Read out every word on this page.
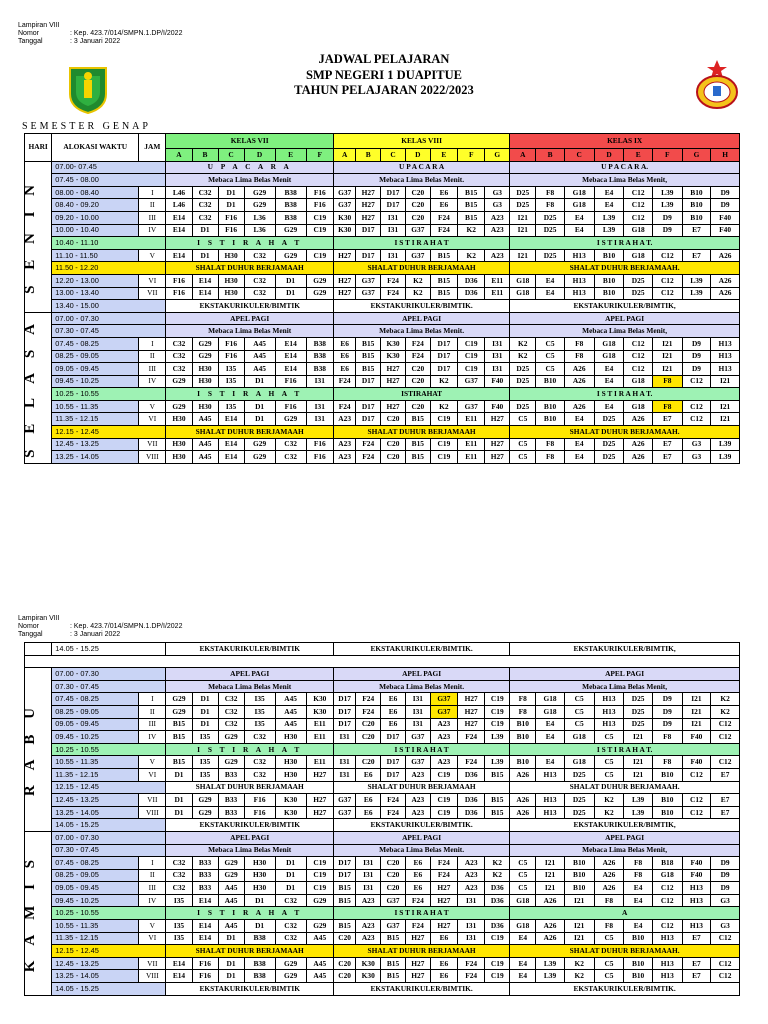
Lampiran VIII
Nomor	: Kep. 423.7/014/SMPN.1.DP/I/2022
Tanggal	: 3 Januari 2022
JADWAL PELAJARAN
SMP NEGERI 1 DUAPITUE
TAHUN PELAJARAN 2022/2023
SEMESTER GENAP
HARI	ALOKASI WAKTU	JAM	KELAS VII						KELAS VIII							KELAS IX							
			A	B	C	D	E	F	A	B	C	D	E	F	G	A	B	C	D	E	F	G	H

S E N I N	07.00- 07.45		U P A C A R A						U P A C A R A							U P A C A R A.							
	07.45 - 08.00		Mebaca Lima Belas Menit						Mebaca Lima Belas Menit.							Mebaca Lima Belas Menit,							
	08.00 - 08.40	I	L46	C32	D1	G29	B38	F16	G37	H27	D17	C20	E6	B15	G3	D25	F8	G18	E4	C12	L39	B10	D9
	08.40 - 09.20	II	L46	C32	D1	G29	B38	F16	G37	H27	D17	C20	E6	B15	G3	D25	F8	G18	E4	C12	L39	B10	D9
	09.20 - 10.00	III	E14	C32	F16	L36	B38	C19	K30	H27	I31	C20	F24	B15	A23	I21	D25	E4	L39	C12	D9	B10	F40
	10.00 - 10.40	IV	E14	D1	F16	L36	G29	C19	K30	D17	I31	G37	F24	K2	A23	I21	D25	E4	L39	G18	D9	E7	F40
	10.40 - 11.10		I S T I R A H A T						I S T I R A H A T							I S T I R A H A T.							
	11.10 - 11.50	V	E14	D1	H30	C32	G29	C19	H27	D17	I31	G37	B15	K2	A23	I21	D25	H13	B10	G18	C12	E7	A26
	11.50 - 12.20		SHALAT DUHUR BERJAMAAH						SHALAT DUHUR BERJAMAAH							SHALAT DUHUR BERJAMAAH.							
	12.20 - 13.00	VI	F16	E14	H30	C32	D1	G29	H27	G37	F24	K2	B15	D36	E11	G18	E4	H13	B10	D25	C12	L39	A26
	13.00 - 13.40	VII	F16	E14	H30	C32	D1	G29	H27	G37	F24	K2	B15	D36	E11	G18	E4	H13	B10	D25	C12	L39	A26
	13.40 - 15.00		EKSTAKURIKULER/BIMTIK						EKSTAKURIKULER/BIMTIK.							EKSTAKURIKULER/BIMTIK,							

S E L A S A	07.00 - 07.30		APEL PAGI						APEL PAGI							APEL PAGI							
	07.30 - 07.45		Mebaca Lima Belas Menit						Mebaca Lima Belas Menit.							Mebaca Lima Belas Menit,							
	07.45 - 08.25	I	C32	G29	F16	A45	E14	B38	E6	B15	K30	F24	D17	C19	I31	K2	C5	F8	G18	C12	I21	D9	H13
	08.25 - 09.05	II	C32	G29	F16	A45	E14	B38	E6	B15	K30	F24	D17	C19	I31	K2	C5	F8	G18	C12	I21	D9	H13
	09.05 - 09.45	III	C32	H30	I35	A45	E14	B38	E6	B15	H27	C20	D17	C19	I31	D25	C5	A26	E4	C12	I21	D9	H13
	09.45 - 10.25	IV	G29	H30	I35	D1	F16	I31	F24	D17	H27	C20	K2	G37	F40	D25	B10	A26	E4	G18	F8	C12	I21
	10.25 - 10.55		I S T I R A H A T						ISTIRAHAT							I S T I R A H A T.							
	10.55 - 11.35	V	G29	H30	I35	D1	F16	I31	F24	D17	H27	C20	K2	G37	F40	D25	B10	A26	E4	G18	F8	C12	I21
	11.35 - 12.15	VI	H30	A45	E14	D1	G29	I31	A23	D17	C20	B15	C19	E11	H27	C5	B10	E4	D25	A26	E7	C12	I21
	12.15 - 12.45		SHALAT DUHUR BERJAMAAH						SHALAT DUHUR BERJAMAAH							SHALAT DUHUR BERJAMAAH.							
	12.45 - 13.25	VII	H30	A45	E14	G29	C32	F16	A23	F24	C20	B15	C19	E11	H27	C5	F8	E4	D25	A26	E7	G3	L39
	13.25 - 14.05	VIII	H30	A45	E14	G29	C32	F16	A23	F24	C20	B15	C19	E11	H27	C5	F8	E4	D25	A26	E7	G3	L39
Lampiran VIII
Nomor	: Kep. 423.7/014/SMPN.1.DP/I/2022
Tanggal	: 3 Januari 2022
	14.05 - 15.25		EKSTAKURIKULER/BIMTIK						EKSTAKURIKULER/BIMTIK.							EKSTAKURIKULER/BIMTIK,							

R A B U	07.00 - 07.30		APEL PAGI						APEL PAGI							APEL PAGI							
	07.30 - 07.45		Mebaca Lima Belas Menit						Mebaca Lima Belas Menit.							Mebaca Lima Belas Menit,							
	07.45 - 08.25	I	G29	D1	C32	I35	A45	K30	D17	F24	E6	I31	G37	H27	C19	F8	G18	C5	H13	D25	D9	I21	K2
	08.25 - 09.05	II	G29	D1	C32	I35	A45	K30	D17	F24	E6	I31	G37	H27	C19	F8	G18	C5	H13	D25	D9	I21	K2
	09.05 - 09.45	III	B15	D1	C32	I35	A45	E11	D17	C20	E6	I31	A23	H27	C19	B10	E4	C5	H13	D25	D9	I21	C12
	09.45 - 10.25	IV	B15	I35	G29	C32	H30	E11	I31	C20	D17	G37	A23	F24	L39	B10	E4	G18	C5	I21	F8	F40	C12
	10.25 - 10.55		I S T I R A H A T						I S T I R A H A T							I S T I R A H A T.							
	10.55 - 11.35	V	B15	I35	G29	C32	H30	E11	I31	C20	D17	G37	A23	F24	L39	B10	E4	G18	C5	I21	F8	F40	C12
	11.35 - 12.15	VI	D1	I35	B33	C32	H30	H27	I31	E6	D17	A23	C19	D36	B15	A26	H13	D25	C5	I21	B10	C12	E7
	12.15 - 12.45		SHALAT DUHUR BERJAMAAH						SHALAT DUHUR BERJAMAAH							SHALAT DUHUR BERJAMAAH.							
	12.45 - 13.25	VII	D1	G29	B33	F16	K30	H27	G37	E6	F24	A23	C19	D36	B15	A26	H13	D25	K2	L39	B10	C12	E7
	13.25 - 14.05	VIII	D1	G29	B33	F16	K30	H27	G37	E6	F24	A23	C19	D36	B15	A26	H13	D25	K2	L39	B10	C12	E7
	14.05 - 15.25		EKSTAKURIKULER/BIMTIK						EKSTAKURIKULER/BIMTIK.							EKSTAKURIKULER/BIMTIK,							

K A M I S	07.00 - 07.30		APEL PAGI						APEL PAGI							APEL PAGI							
	07.30 - 07.45		Mebaca Lima Belas Menit						Mebaca Lima Belas Menit.							Mebaca Lima Belas Menit,							
	07.45 - 08.25	I	C32	B33	G29	H30	D1	C19	D17	I31	C20	E6	F24	A23	K2	C5	I21	B10	A26	F8	B18	F40	D9
	08.25 - 09.05	II	C32	B33	G29	H30	D1	C19	D17	I31	C20	E6	F24	A23	K2	C5	I21	B10	A26	F8	G18	F40	D9
	09.05 - 09.45	III	C32	B33	A45	H30	D1	C19	B15	I31	C20	E6	H27	A23	D36	C5	I21	B10	A26	E4	C12	H13	D9
	09.45 - 10.25	IV	I35	E14	A45	D1	C32	G29	B15	A23	G37	F24	H27	I31	D36	G18	A26	I21	F8	E4	C12	H13	G3
	10.25 - 10.55		I S T I R A H A T						I S T I R A H A T							A							
	10.55 - 11.35	V	I35	E14	A45	D1	C32	G29	B15	A23	G37	F24	H27	I31	D36	G18	A26	I21	F8	E4	C12	H13	G3
	11.35 - 12.15	VI	I35	E14	D1	B38	C32	A45	C20	A23	B15	H27	E6	I31	C19	E4	A26	I21	C5	B10	H13	E7	C12
	12.15 - 12.45		SHALAT DUHUR BERJAMAAH						SHALAT DUHUR BERJAMAAH							SHALAT DUHUR BERJAMAAH.							
	12.45 - 13.25	VII	E14	F16	D1	B38	G29	A45	C20	K30	B15	H27	E6	F24	C19	E4	L39	K2	C5	B10	H13	E7	C12
	13.25 - 14.05	VIII	E14	F16	D1	B38	G29	A45	C20	K30	B15	H27	E6	F24	C19	E4	L39	K2	C5	B10	H13	E7	C12
	14.05 - 15.25		EKSTAKURIKULER/BIMTIK						EKSTAKURIKULER/BIMTIK.							EKSTAKURIKULER/BIMTIK.							
